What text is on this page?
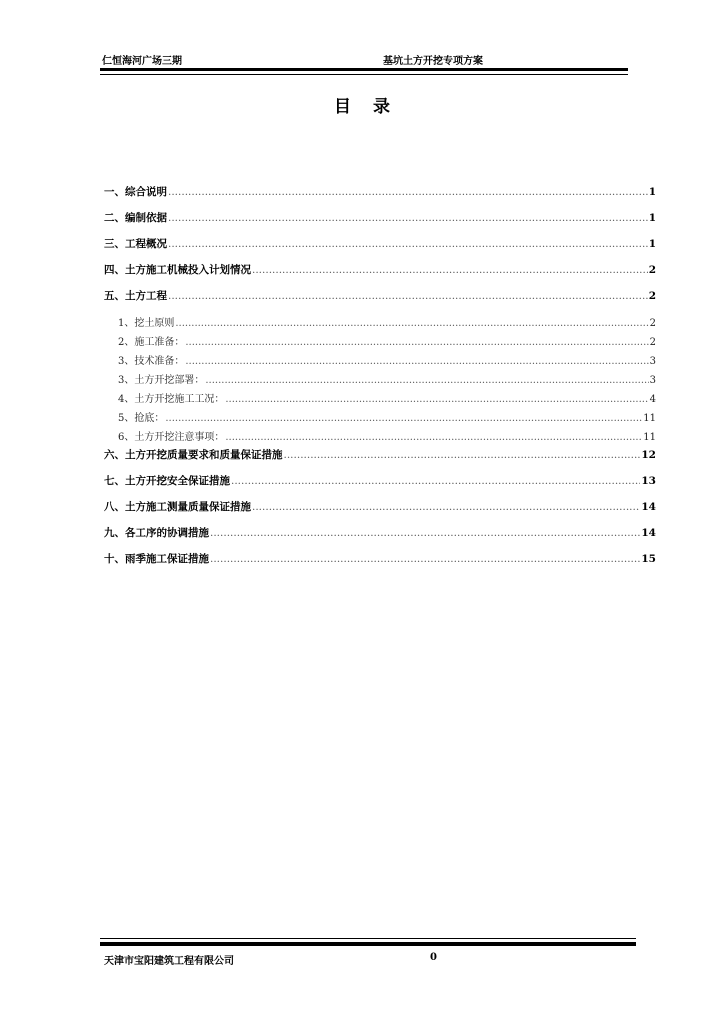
仁恒海河广场三期	基坑土方开挖专项方案
目录
一、综合说明 .....	1
二、编制依据 .....	1
三、工程概况 .....	1
四、土方施工机械投入计划情况 .....	2
五、土方工程 .....	2
1、挖土原则 .....	2
2、施工准备： .....	2
3、技术准备： .....	3
3、土方开挖部署： .....	3
4、土方开挖施工工况： .....	4
5、抢底： .....	11
6、土方开挖注意事项： .....	11
六、土方开挖质量要求和质量保证措施 .....	12
七、土方开挖安全保证措施 .....	13
八、土方施工测量质量保证措施 .....	14
九、各工序的协调措施 .....	14
十、雨季施工保证措施 .....	15
天津市宝阳建筑工程有限公司	0
